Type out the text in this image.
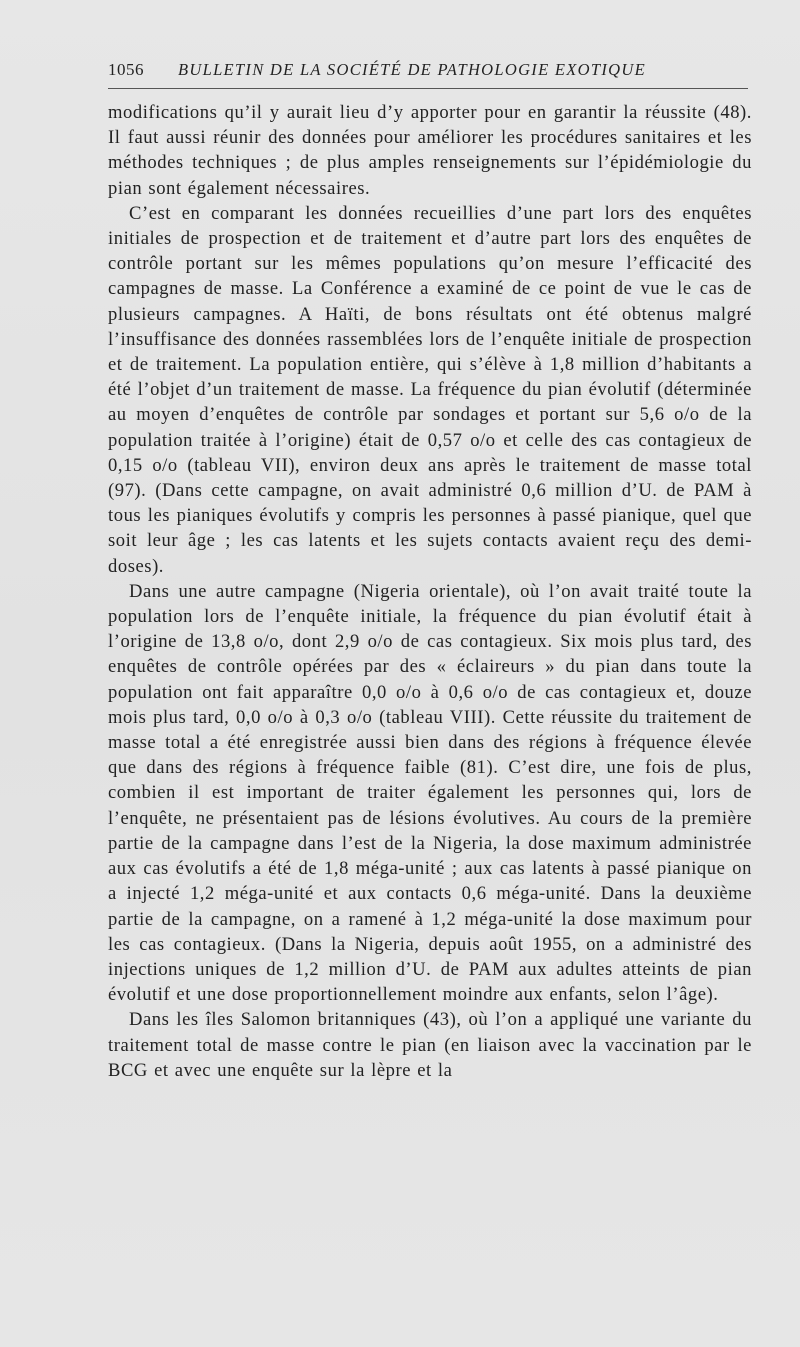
1056 BULLETIN DE LA SOCIÉTÉ DE PATHOLOGIE EXOTIQUE

modifications qu’il y aurait lieu d’y apporter pour en garantir la réussite (48). Il faut aussi réunir des données pour améliorer les procédures sanitaires et les méthodes techniques ; de plus amples renseignements sur l’épidémiologie du pian sont également nécessaires.

C’est en comparant les données recueillies d’une part lors des enquêtes initiales de prospection et de traitement et d’autre part lors des enquêtes de contrôle portant sur les mêmes populations qu’on mesure l’efficacité des campagnes de masse. La Conférence a examiné de ce point de vue le cas de plusieurs campagnes. A Haïti, de bons résultats ont été obtenus malgré l’insuffisance des données rassemblées lors de l’enquête initiale de prospection et de traitement. La population entière, qui s’élève à 1,8 million d’habitants a été l’objet d’un traitement de masse. La fréquence du pian évolutif (déterminée au moyen d’enquêtes de contrôle par sondages et portant sur 5,6 o/o de la population traitée à l’origine) était de 0,57 o/o et celle des cas contagieux de 0,15 o/o (tableau VII), environ deux ans après le traitement de masse total (97). (Dans cette campagne, on avait administré 0,6 million d’U. de PAM à tous les pianiques évolutifs y compris les personnes à passé pianique, quel que soit leur âge ; les cas latents et les sujets contacts avaient reçu des demi-doses).

Dans une autre campagne (Nigeria orientale), où l’on avait traité toute la population lors de l’enquête initiale, la fréquence du pian évolutif était à l’origine de 13,8 o/o, dont 2,9 o/o de cas contagieux. Six mois plus tard, des enquêtes de contrôle opérées par des « éclaireurs » du pian dans toute la population ont fait apparaître 0,0 o/o à 0,6 o/o de cas contagieux et, douze mois plus tard, 0,0 o/o à 0,3 o/o (tableau VIII). Cette réussite du traitement de masse total a été enregistrée aussi bien dans des régions à fréquence élevée que dans des régions à fréquence faible (81). C’est dire, une fois de plus, combien il est important de traiter également les personnes qui, lors de l’enquête, ne présentaient pas de lésions évolutives. Au cours de la première partie de la campagne dans l’est de la Nigeria, la dose maximum administrée aux cas évolutifs a été de 1,8 méga-unité ; aux cas latents à passé pianique on a injecté 1,2 méga-unité et aux contacts 0,6 méga-unité. Dans la deuxième partie de la campagne, on a ramené à 1,2 méga-unité la dose maximum pour les cas contagieux. (Dans la Nigeria, depuis août 1955, on a administré des injections uniques de 1,2 million d’U. de PAM aux adultes atteints de pian évolutif et une dose proportionnellement moindre aux enfants, selon l’âge).

Dans les îles Salomon britanniques (43), où l’on a appliqué une variante du traitement total de masse contre le pian (en liaison avec la vaccination par le BCG et avec une enquête sur la lèpre et la
